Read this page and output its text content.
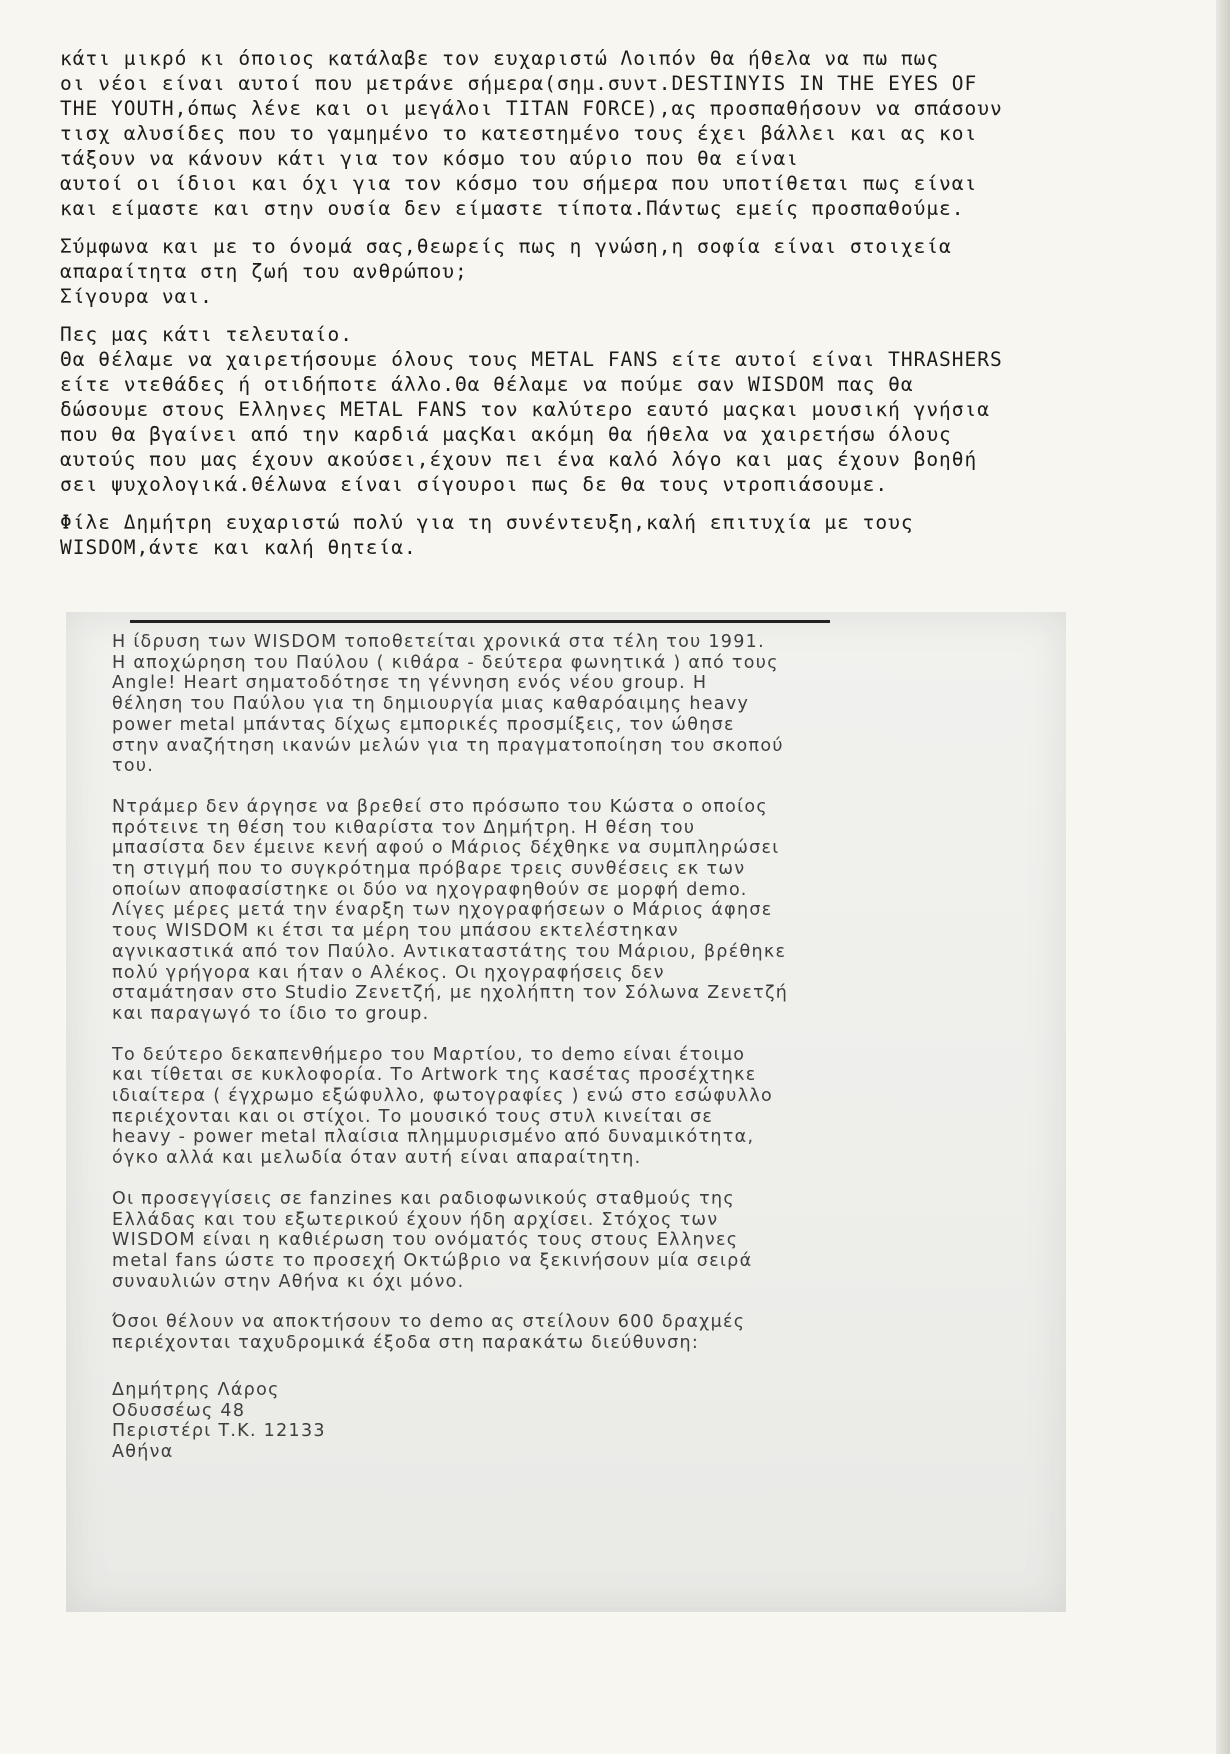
κάτι μικρό κι όποιος κατάλαβε τον ευχαριστώ Λοιπόν θα ήθελα να πω πως
οι νέοι είναι αυτοί που μετράνε σήμερα(σημ.συντ.DESTINYIS IN THE EYES OF
THE YOUTH,όπως λένε και οι μεγάλοι TITAN FORCE),ας προσπαθήσουν να σπάσουν
τισχ αλυσίδες που το γαμημένο το κατεστημένο τους έχει βάλλει και ας κοι
τάξουν να κάνουν κάτι για τον κόσμο του αύριο που θα είναι
αυτοί οι ίδιοι και όχι για τον κόσμο του σήμερα που υποτίθεται πως είναι
και είμαστε και στην ουσία δεν είμαστε τίποτα.Πάντως εμείς προσπαθούμε.
Σύμφωνα και με το όνομά σας,θεωρείς πως η γνώση,η σοφία είναι στοιχεία
απαραίτητα στη ζωή του ανθρώπου;
Σίγουρα ναι.
Πες μας κάτι τελευταίο.
Θα θέλαμε να χαιρετήσουμε όλους τους METAL FANS είτε αυτοί είναι THRASHERS
είτε ντεθάδες ή οτιδήποτε άλλο.Θα θέλαμε να πούμε σαν WISDOM πας θα
δώσουμε στους Ελληνες METAL FANS τον καλύτερο εαυτό μαςκαι μουσική γνήσια
που θα βγαίνει από την καρδιά μαςΚαι ακόμη θα ήθελα να χαιρετήσω όλους
αυτούς που μας έχουν ακούσει,έχουν πει ένα καλό λόγο και μας έχουν βοηθή
σει ψυχολογικά.Θέλωνα είναι σίγουροι πως δε θα τους ντροπιάσουμε.
Φίλε Δημήτρη ευχαριστώ πολύ για τη συνέντευξη,καλή επιτυχία με τους
WISDOM,άντε και καλή θητεία.
Η ίδρυση των WISDOM τοποθετείται χρονικά στα τέλη του 1991.
Η αποχώρηση του Παύλου ( κιθάρα - δεύτερα φωνητικά ) από τους
Angle! Heart σηματοδότησε τη γέννηση ενός νέου group. Η
θέληση του Παύλου για τη δημιουργία μιας καθαρόαιμης heavy
power metal μπάντας δίχως εμπορικές προσμίξεις, τον ώθησε
στην αναζήτηση ικανών μελών για τη πραγματοποίηση του σκοπού
του.
Ντράμερ δεν άργησε να βρεθεί στο πρόσωπο του Κώστα ο οποίος
πρότεινε τη θέση του κιθαρίστα τον Δημήτρη. Η θέση του
μπασίστα δεν έμεινε κενή αφού ο Μάριος δέχθηκε να συμπληρώσει
τη στιγμή που το συγκρότημα πρόβαρε τρεις συνθέσεις εκ των
οποίων αποφασίστηκε οι δύο να ηχογραφηθούν σε μορφή demo.
Λίγες μέρες μετά την έναρξη των ηχογραφήσεων ο Μάριος άφησε
τους WISDOM κι έτσι τα μέρη του μπάσου εκτελέστηκαν
αγνικαστικά από τον Παύλο. Αντικαταστάτης του Μάριου, βρέθηκε
πολύ γρήγορα και ήταν ο Αλέκος. Οι ηχογραφήσεις δεν
σταμάτησαν στο Studio Ζενετζή, με ηχολήπτη τον Σόλωνα Ζενετζή
και παραγωγό το ίδιο το group.
Το δεύτερο δεκαπενθήμερο του Μαρτίου, το demo είναι έτοιμο
και τίθεται σε κυκλοφορία. Το Artwork της κασέτας προσέχτηκε
ιδιαίτερα ( έγχρωμο εξώφυλλο, φωτογραφίες ) ενώ στο εσώφυλλο
περιέχονται και οι στίχοι. Το μουσικό τους στυλ κινείται σε
heavy - power metal πλαίσια πλημμυρισμένο από δυναμικότητα,
όγκο αλλά και μελωδία όταν αυτή είναι απαραίτητη.
Οι προσεγγίσεις σε fanzines και ραδιοφωνικούς σταθμούς της
Ελλάδας και του εξωτερικού έχουν ήδη αρχίσει. Στόχος των
WISDOM είναι η καθιέρωση του ονόματός τους στους Ελληνες
metal fans ώστε το προσεχή Οκτώβριο να ξεκινήσουν μία σειρά
συναυλιών στην Αθήνα κι όχι μόνο.
Όσοι θέλουν να αποκτήσουν το demo ας στείλουν 600 δραχμές
περιέχονται ταχυδρομικά έξοδα στη παρακάτω διεύθυνση:
Δημήτρης Λάρος
Οδυσσέως 48
Περιστέρι Τ.Κ. 12133
Αθήνα
